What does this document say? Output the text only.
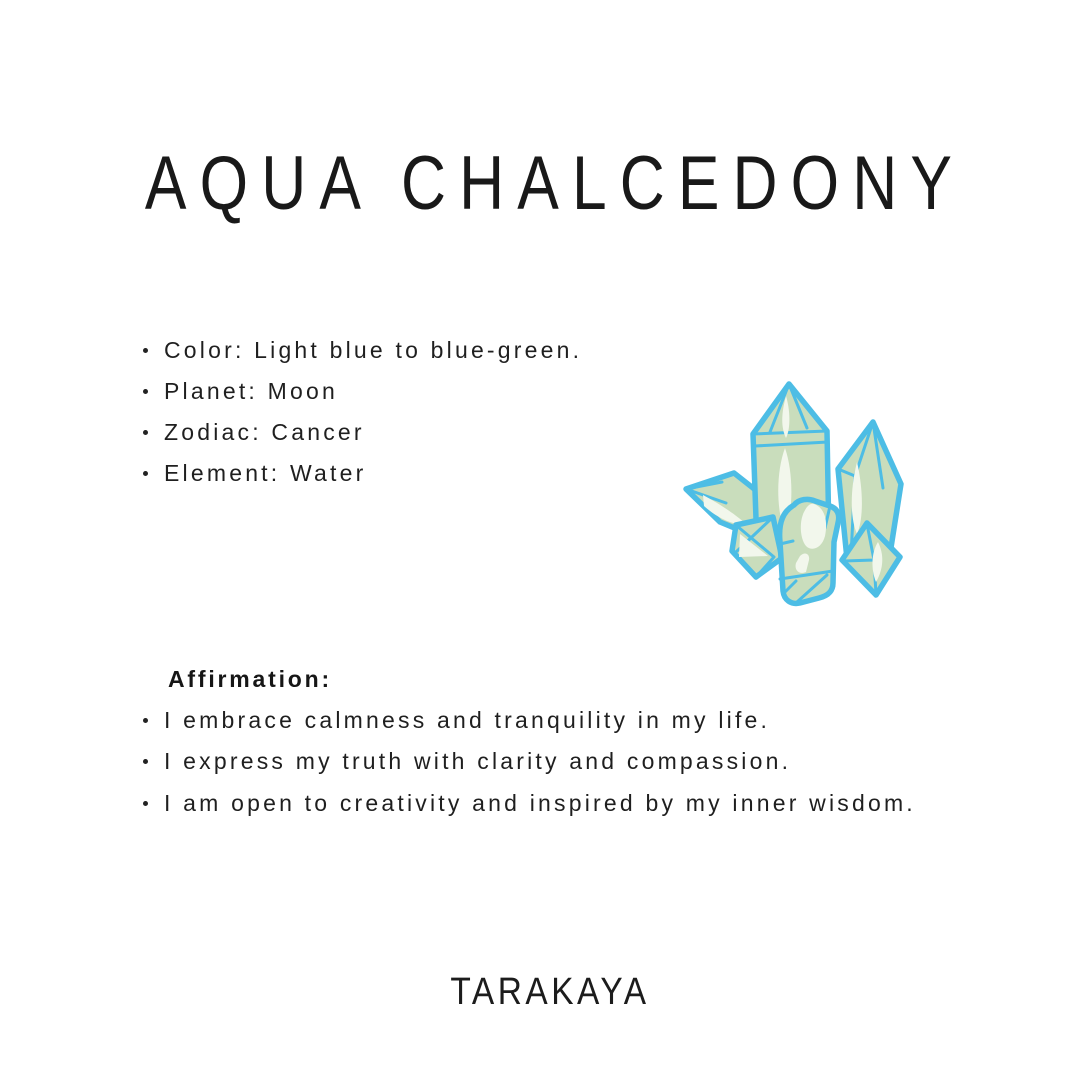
AQUA CHALCEDONY
Color: Light blue to blue-green.
Planet: Moon
Zodiac: Cancer
Element: Water

Affirmation:

I embrace calmness and tranquility in my life.
I express my truth with clarity and compassion.
I am open to creativity and inspired by my inner wisdom.

TARAKAYA
